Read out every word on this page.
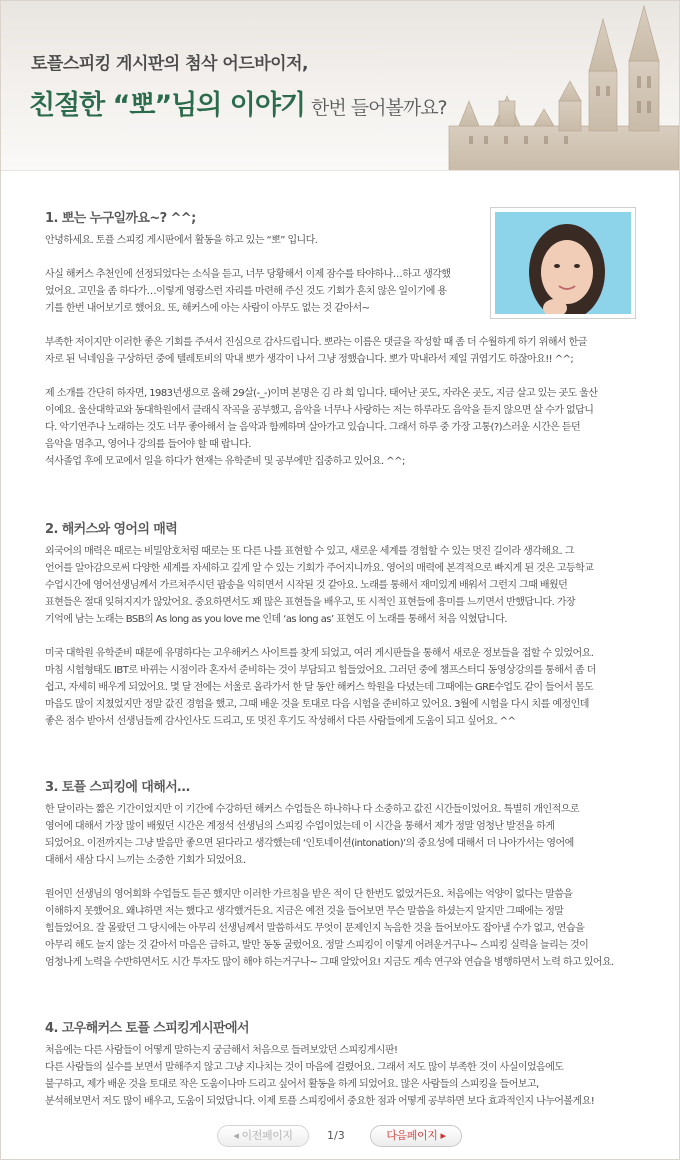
토플스피킹 게시판의 첨삭 어드바이저,
친절한 “뽀”님의 이야기 한번 들어볼까요?
1. 뽀는 누구일까요~? ^^;
안녕하세요. 토플 스피킹 게시판에서 활동을 하고 있는 “뽀” 입니다.
사실 해커스 추천인에 선정되었다는 소식을 듣고, 너무 당황해서 이제 잠수를 타야하나…하고 생각했
었어요. 고민을 좀 하다가…이렇게 영광스런 자리를 마련해 주신 것도 기회가 흔치 않은 일이기에 용
기를 한번 내어보기로 했어요. 또, 해커스에 아는 사람이 아무도 없는 것 같아서~
부족한 저이지만 이러한 좋은 기회를 주셔서 진심으로 감사드립니다. 뽀라는 이름은 댓글을 작성할 때 좀 더 수월하게 하기 위해서 한글
자로 된 닉네임을 구상하던 중에 텔레토비의 막내 뽀가 생각이 나서 그냥 정했습니다. 뽀가 막내라서 제일 귀엽기도 하잖아요!! ^^;
제 소개를 간단히 하자면, 1983년생으로 올해 29살(-_-)이며 본명은 김 라 희 입니다. 태어난 곳도, 자라온 곳도, 지금 살고 있는 곳도 울산
이예요. 울산대학교와 동대학원에서 클래식 작곡을 공부했고, 음악을 너무나 사랑하는 저는 하루라도 음악을 듣지 않으면 살 수가 없답니
다. 악기연주나 노래하는 것도 너무 좋아해서 늘 음악과 함께하며 살아가고 있습니다. 그래서 하루 중 가장 고통(?)스러운 시간은 듣던
음악을 멈추고, 영어나 강의를 들어야 할 때 랍니다.
석사졸업 후에 모교에서 일을 하다가 현재는 유학준비 및 공부에만 집중하고 있어요. ^^;
2. 해커스와 영어의 매력
외국어의 매력은 때로는 비밀암호처럼 때로는 또 다른 나를 표현할 수 있고, 새로운 세계를 경험할 수 있는 멋진 길이라 생각해요. 그
언어를 알아감으로써 다양한 세계를 자세하고 깊게 알 수 있는 기회가 주어지니까요. 영어의 매력에 본격적으로 빠지게 된 것은 고등학교
수업시간에 영어선생님께서 가르쳐주시던 팝송을 익히면서 시작된 것 같아요. 노래를 통해서 재미있게 배워서 그런지 그때 배웠던
표현들은 절대 잊혀지지가 않았어요. 중요하면서도 꽤 많은 표현들을 배우고, 또 시적인 표현들에 흥미를 느끼면서 반했답니다. 가장
기억에 남는 노래는 BSB의 As long as you love me 인데 ‘as long as’ 표현도 이 노래를 통해서 처음 익혔답니다.
미국 대학원 유학준비 때문에 유명하다는 고우해커스 사이트를 찾게 되었고, 여러 게시판들을 통해서 새로운 정보들을 접할 수 있었어요.
마침 시험형태도 IBT로 바뀌는 시점이라 혼자서 준비하는 것이 부담되고 힘들었어요. 그러던 중에 챔프스터디 동영상강의를 통해서 좀 더
쉽고, 자세히 배우게 되었어요. 몇 달 전에는 서울로 올라가서 한 달 동안 해커스 학원을 다녔는데 그때에는 GRE수업도 같이 들어서 몸도
마음도 많이 지쳤었지만 정말 값진 경험을 했고, 그때 배운 것을 토대로 다음 시험을 준비하고 있어요. 3월에 시험을 다시 치를 예정인데
좋은 점수 받아서 선생님들께 감사인사도 드리고, 또 멋진 후기도 작성해서 다른 사람들에게 도움이 되고 싶어요. ^^
3. 토플 스피킹에 대해서…
한 달이라는 짧은 기간이었지만 이 기간에 수강하던 해커스 수업들은 하나하나 다 소중하고 값진 시간들이었어요. 특별히 개인적으로
영어에 대해서 가장 많이 배웠던 시간은 계정석 선생님의 스피킹 수업이었는데 이 시간을 통해서 제가 정말 엄청난 발전을 하게
되었어요. 이전까지는 그냥 발음만 좋으면 된다라고 생각했는데 ‘인토네이션(intonation)’의 중요성에 대해서 더 나아가서는 영어에
대해서 새삼 다시 느끼는 소중한 기회가 되었어요.
원어민 선생님의 영어회화 수업들도 듣곤 했지만 이러한 가르침을 받은 적이 단 한번도 없었거든요. 처음에는 억양이 없다는 말씀을
이해하지 못했어요. 왜냐하면 저는 했다고 생각했거든요. 지금은 예전 것을 들어보면 무슨 말씀을 하셨는지 알지만 그때에는 정말
힘들었어요. 잘 몰랐던 그 당시에는 아무리 선생님께서 말씀하셔도 무엇이 문제인지 녹음한 것을 들어보아도 잡아낼 수가 없고, 연습을
아무리 해도 늘지 않는 것 같아서 마음은 급하고, 발만 동동 굴렀어요. 정말 스피킹이 이렇게 어려운거구나~ 스피킹 실력을 늘리는 것이
엄청나게 노력을 수반하면서도 시간 투자도 많이 해야 하는거구나~ 그때 알았어요! 지금도 계속 연구와 연습을 병행하면서 노력 하고 있어요.
4. 고우해커스 토플 스피킹게시판에서
처음에는 다른 사람들이 어떻게 말하는지 궁금해서 처음으로 들려보았던 스피킹게시판!
다른 사람들의 실수를 보면서 말해주지 않고 그냥 지나치는 것이 마음에 걸렸어요. 그래서 저도 많이 부족한 것이 사실이었음에도
불구하고, 제가 배운 것을 토대로 작은 도움이나마 드리고 싶어서 활동을 하게 되었어요. 많은 사람들의 스피킹을 들어보고,
분석해보면서 저도 많이 배우고, 도움이 되었답니다. 이제 토플 스피킹에서 중요한 점과 어떻게 공부하면 보다 효과적인지 나누어볼게요!
◂ 이전페이지	1/3	다음페이지 ▸
